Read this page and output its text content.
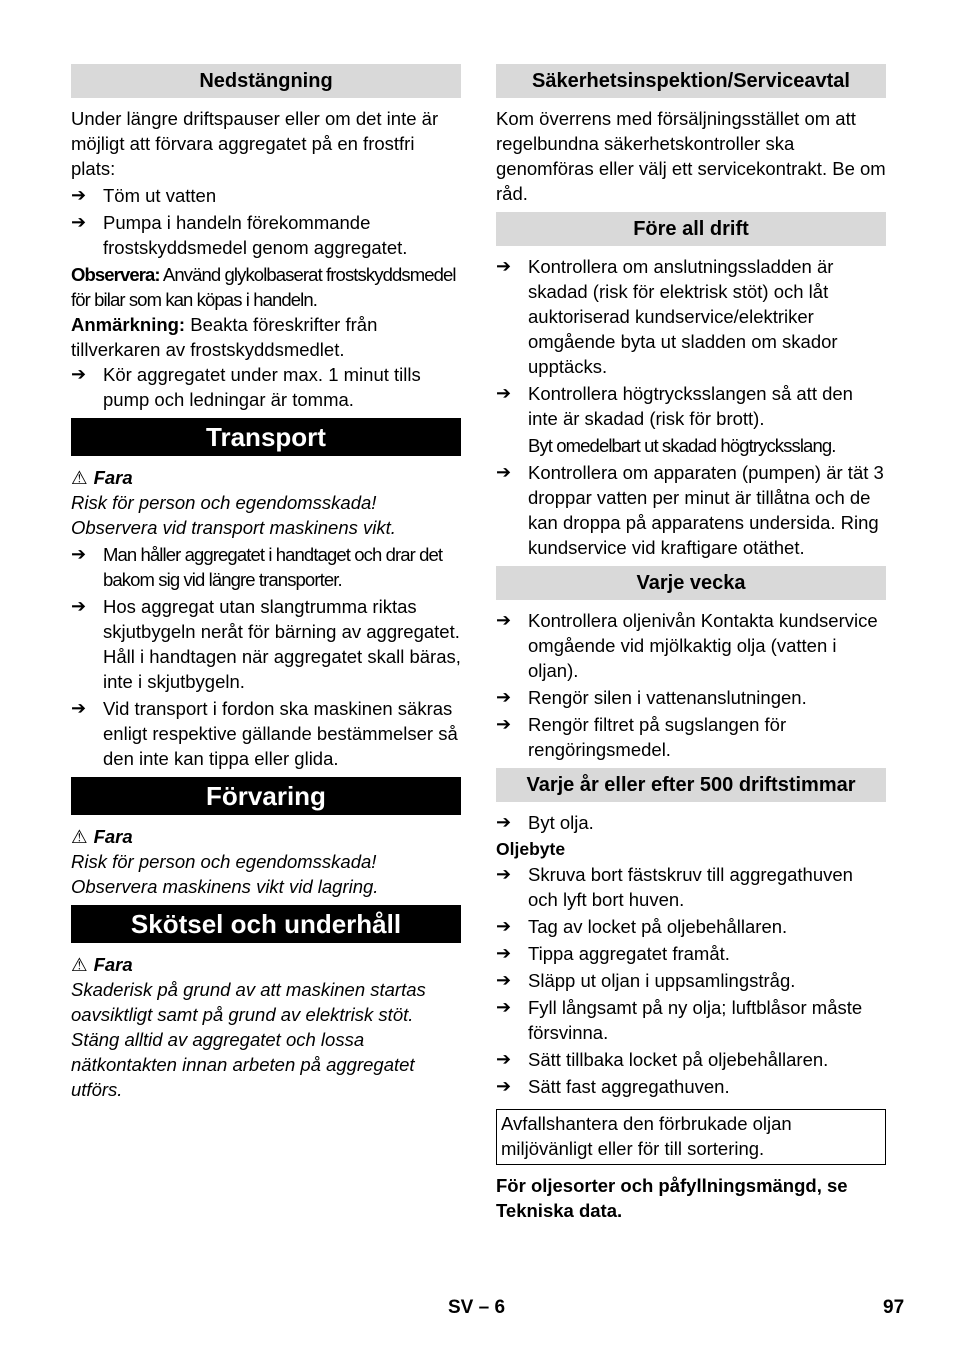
Nedstängning

Under längre driftspauser eller om det inte är möjligt att förvara aggregatet på en frostfri plats:

➔ Töm ut vatten
➔ Pumpa i handeln förekommande frostskyddsmedel genom aggregatet.

Observera: Använd glykolbaserat frostskyddsmedel för bilar som kan köpas i handeln.

Anmärkning: Beakta föreskrifter från tillverkaren av frostskyddsmedlet.

➔ Kör aggregatet under max. 1 minut tills pump och ledningar är tomma.
Transport
⚠ Fara

Risk för person och egendomsskada! Observera vid transport maskinens vikt.

➔ Man håller aggregatet i handtaget och drar det bakom sig vid längre transporter.
➔ Hos aggregat utan slangtrumma riktas skjutbygeln neråt för bärning av aggregatet. Håll i handtagen när aggregatet skall bäras, inte i skjutbygeln.
➔ Vid transport i fordon ska maskinen säkras enligt respektive gällande bestämmelser så den inte kan tippa eller glida.
Förvaring
⚠ Fara

Risk för person och egendomsskada! Observera maskinens vikt vid lagring.

Skötsel och underhåll
⚠ Fara

Skaderisk på grund av att maskinen startas oavsiktligt samt på grund av elektrisk stöt. Stäng alltid av aggregatet och lossa nätkontakten innan arbeten på aggregatet utförs.

Säkerhetsinspektion/Serviceavtal

Kom överrens med försäljningsstället om att regelbundna säkerhetskontroller ska genomföras eller välj ett servicekontrakt. Be om råd.

Före all drift
➔ Kontrollera om anslutningssladden är skadad (risk för elektrisk stöt) och låt auktoriserad kundservice/elektriker omgående byta ut sladden om skador upptäcks.
➔ Kontrollera högtrycksslangen så att den inte är skadad (risk för brott).

Byt omedelbart ut skadad högtrycksslang.

➔ Kontrollera om apparaten (pumpen) är tät 3 droppar vatten per minut är tillåtna och de kan droppa på apparatens undersida. Ring kundservice vid kraftigare otäthet.
Varje vecka
➔ Kontrollera oljenivån Kontakta kundservice omgående vid mjölkaktig olja (vatten i oljan).
➔ Rengör silen i vattenanslutningen.
➔ Rengör filtret på sugslangen för rengöringsmedel.
Varje år eller efter 500 driftstimmar
➔ Byt olja.

Oljebyte

➔ Skruva bort fästskruv till aggregathuven och lyft bort huven.
➔ Tag av locket på oljebehållaren.
➔ Tippa aggregatet framåt.
➔ Släpp ut oljan i uppsamlingstråg.
➔ Fyll långsamt på ny olja; luftblåsor måste försvinna.
➔ Sätt tillbaka locket på oljebehållaren.
➔ Sätt fast aggregathuven.
Avfallshantera den förbrukade oljan miljövänligt eller för till sortering.

För oljesorter och påfyllningsmängd, se Tekniska data.

SV – 6	97
